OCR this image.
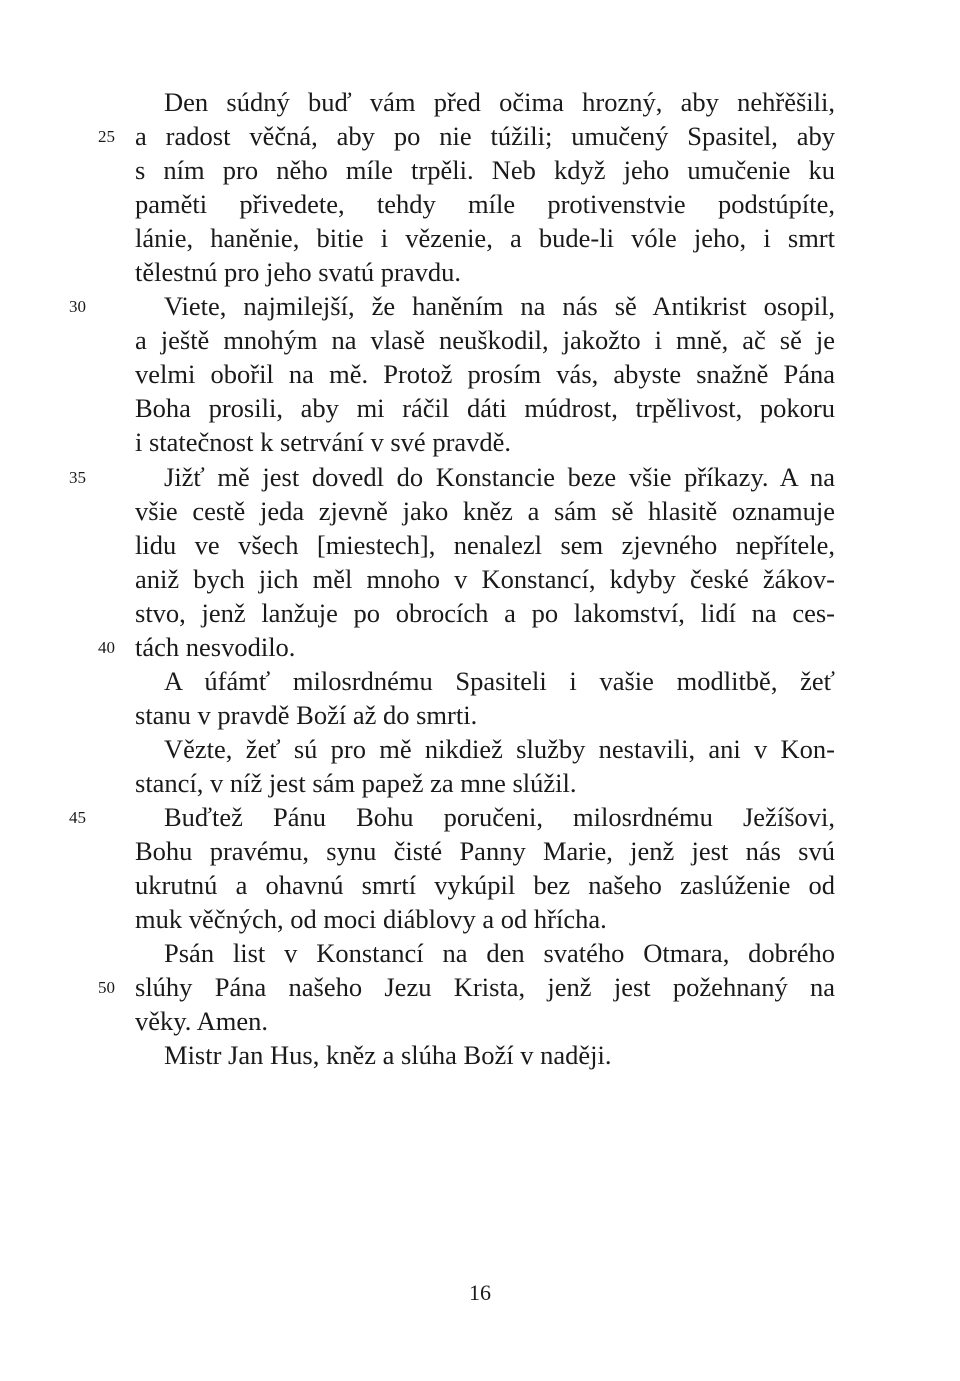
Den súdný buď vám před očima hrozný, aby nehřěšili,
25 a radost věčná, aby po nie túžili; umučený Spasitel, aby
s ním pro něho míle trpěli. Neb když jeho umučenie ku
paměti přivedete, tehdy míle protivenstvie podstúpíte,
lánie, haněnie, bitie i vězenie, a bude-li vóle jeho, i smrt
tělestnú pro jeho svatú pravdu.
30	Viete, najmilejší, že haněním na nás sě Antikrist osopil,
a ještě mnohým na vlasě neuškodil, jakožto i mně, ač sě je
velmi obořil na mě. Protož prosím vás, abyste snažně Pána
Boha prosili, aby mi ráčil dáti múdrost, trpělivost, pokoru
i statečnost k setrvání v své pravdě.
35	Jižť mě jest dovedl do Konstancie beze všie příkazy. A na
všie cestě jeda zjevně jako kněz a sám sě hlasitě oznamuje
lidu ve všech [miestech], nenalezl sem zjevného nepřítele,
aniž bych jich měl mnoho v Konstancí, kdyby české žákov-
stvo, jenž lanžuje po obrocích a po lakomství, lidí na ces-
40 tách nesvodilo.
A úfámť milosrdnému Spasiteli i vašie modlitbě, žeť
stanu v pravdě Boží až do smrti.
Vězte, žeť sú pro mě nikdiež služby nestavili, ani v Kon-
stancí, v níž jest sám papež za mne slúžil.
45	Buďtež Pánu Bohu poručeni, milosrdnému Ježíšovi,
Bohu pravému, synu čisté Panny Marie, jenž jest nás svú
ukrutnú a ohavnú smrtí vykúpil bez našeho zaslúženie od
muk věčných, od moci diáblovy a od hřícha.
Psán list v Konstancí na den svatého Otmara, dobrého
50 slúhy Pána našeho Jezu Krista, jenž jest požehnaný na
věky. Amen.
Mistr Jan Hus, kněz a slúha Boží v naději.
16
